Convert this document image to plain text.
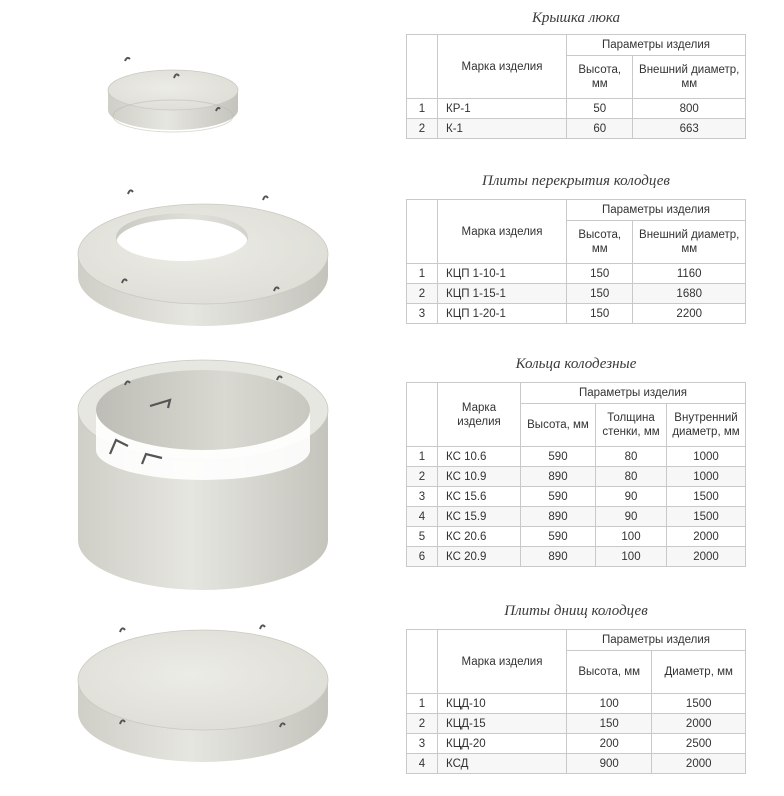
Крышка люка
	Марка изделия	Параметры изделия	
		Высота, мм	Внешний диаметр, мм
1	КР-1	50	800
2	К-1	60	663
Плиты перекрытия колодцев
	Марка изделия	Параметры изделия	
		Высота, мм	Внешний диаметр, мм
1	КЦП 1-10-1	150	1160
2	КЦП 1-15-1	150	1680
3	КЦП 1-20-1	150	2200
Кольца колодезные
	Марка изделия	Параметры изделия		
		Высота, мм	Толщина стенки, мм	Внутренний диаметр, мм
1	КС 10.6	590	80	1000
2	КС 10.9	890	80	1000
3	КС 15.6	590	90	1500
4	КС 15.9	890	90	1500
5	КС 20.6	590	100	2000
6	КС 20.9	890	100	2000
Плиты днищ колодцев
	Марка изделия	Параметры изделия	
		Высота, мм	Диаметр, мм
1	КЦД-10	100	1500
2	КЦД-15	150	2000
3	КЦД-20	200	2500
4	КСД	900	2000
